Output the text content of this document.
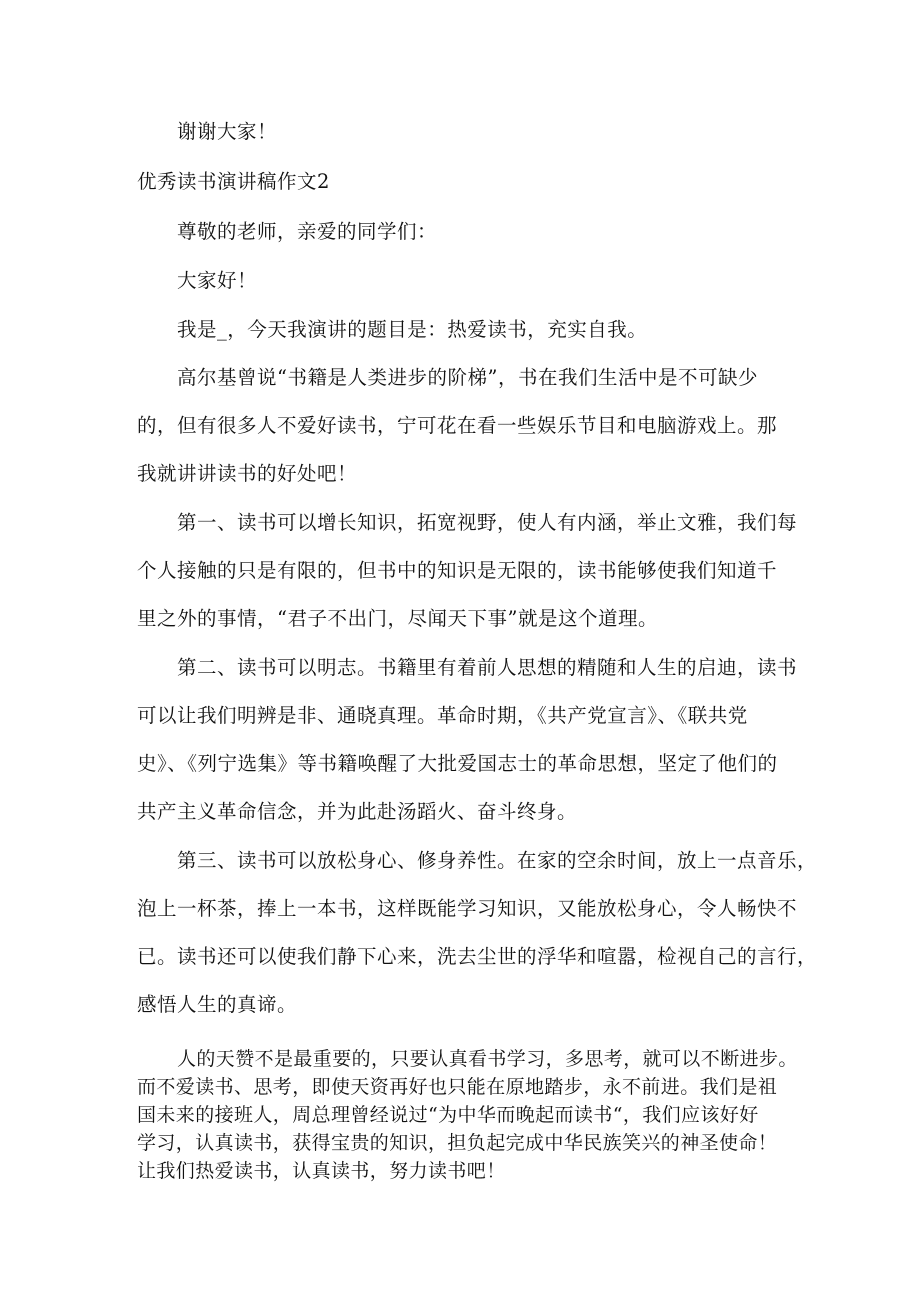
谢谢大家！
优秀读书演讲稿作文2
尊敬的老师，亲爱的同学们：
大家好！
我是_，今天我演讲的题目是：热爱读书，充实自我。
高尔基曾说“书籍是人类进步的阶梯”，书在我们生活中是不可缺少
的，但有很多人不爱好读书，宁可花在看一些娱乐节目和电脑游戏上。那
我就讲讲读书的好处吧！
第一、读书可以增长知识，拓宽视野，使人有内涵，举止文雅，我们每
个人接触的只是有限的，但书中的知识是无限的，读书能够使我们知道千
里之外的事情，“君子不出门，尽闻天下事”就是这个道理。
第二、读书可以明志。书籍里有着前人思想的精随和人生的启迪，读书
可以让我们明辨是非、通晓真理。革命时期，《共产党宣言》、《联共党
史》、《列宁选集》等书籍唤醒了大批爱国志士的革命思想，坚定了他们的
共产主义革命信念，并为此赴汤蹈火、奋斗终身。
第三、读书可以放松身心、修身养性。在家的空余时间，放上一点音乐，
泡上一杯茶，捧上一本书，这样既能学习知识，又能放松身心，令人畅快不
已。读书还可以使我们静下心来，洗去尘世的浮华和喧嚣，检视自己的言行，
感悟人生的真谛。
人的天赞不是最重要的，只要认真看书学习，多思考，就可以不断进步。
而不爱读书、思考，即使天资再好也只能在原地踏步，永不前进。我们是祖
国未来的接班人，周总理曾经说过“为中华而晚起而读书“，我们应该好好
学习，认真读书，获得宝贵的知识，担负起完成中华民族笑兴的神圣使命！
让我们热爱读书，认真读书，努力读书吧！
